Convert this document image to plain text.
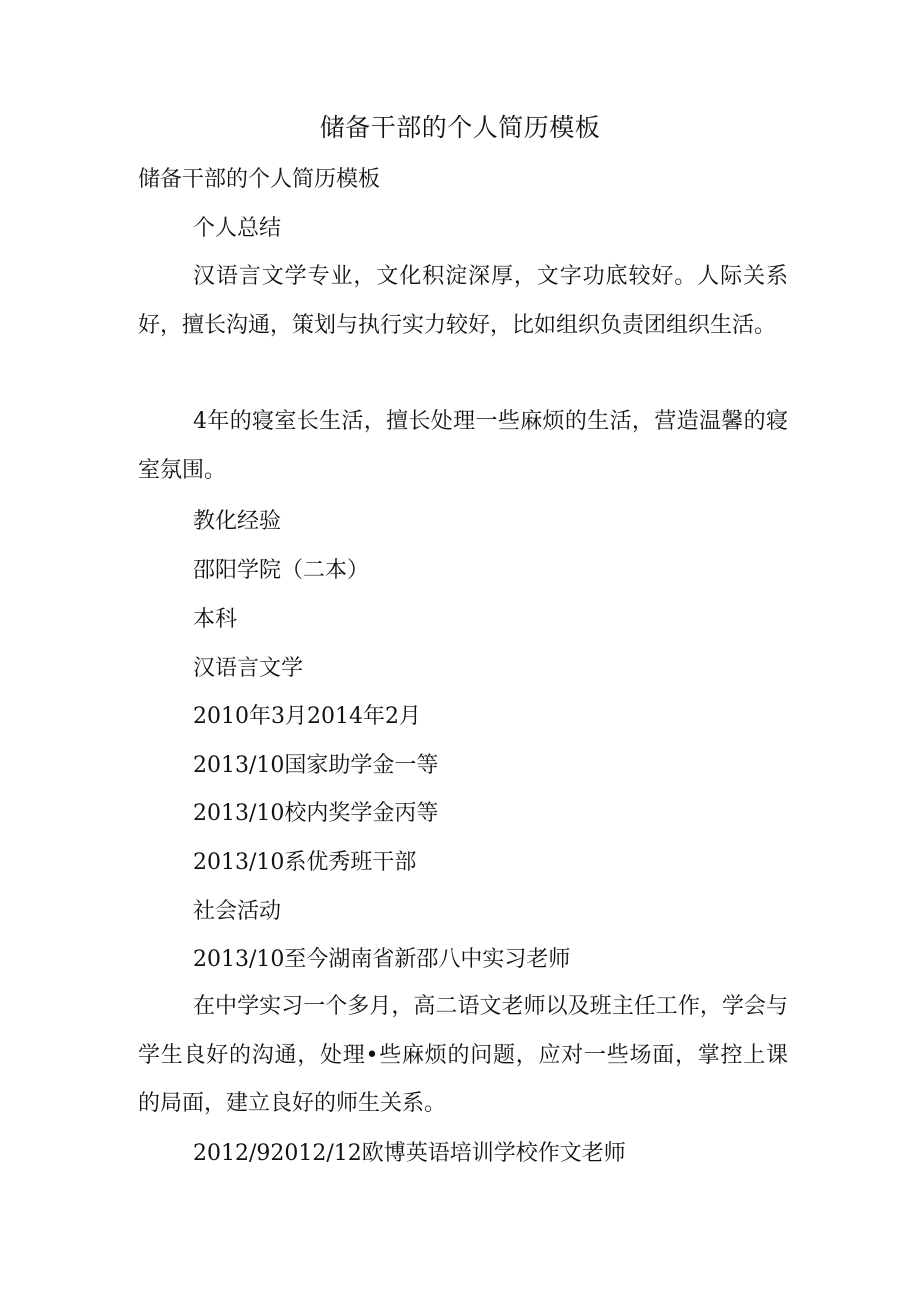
储备干部的个人简历模板
储备干部的个人简历模板
个人总结
汉语言文学专业，文化积淀深厚，文字功底较好。人际关系好，擅长沟通，策划与执行实力较好，比如组织负责团组织生活。
4年的寝室长生活，擅长处理一些麻烦的生活，营造温馨的寝室氛围。
教化经验
邵阳学院（二本）
本科
汉语言文学
2010年3月2014年2月
2013/10国家助学金一等
2013/10校内奖学金丙等
2013/10系优秀班干部
社会活动
2013/10至今湖南省新邵八中实习老师
在中学实习一个多月，高二语文老师以及班主任工作，学会与学生良好的沟通，处理•些麻烦的问题，应对一些场面，掌控上课的局面，建立良好的师生关系。
2012/92012/12欧博英语培训学校作文老师
